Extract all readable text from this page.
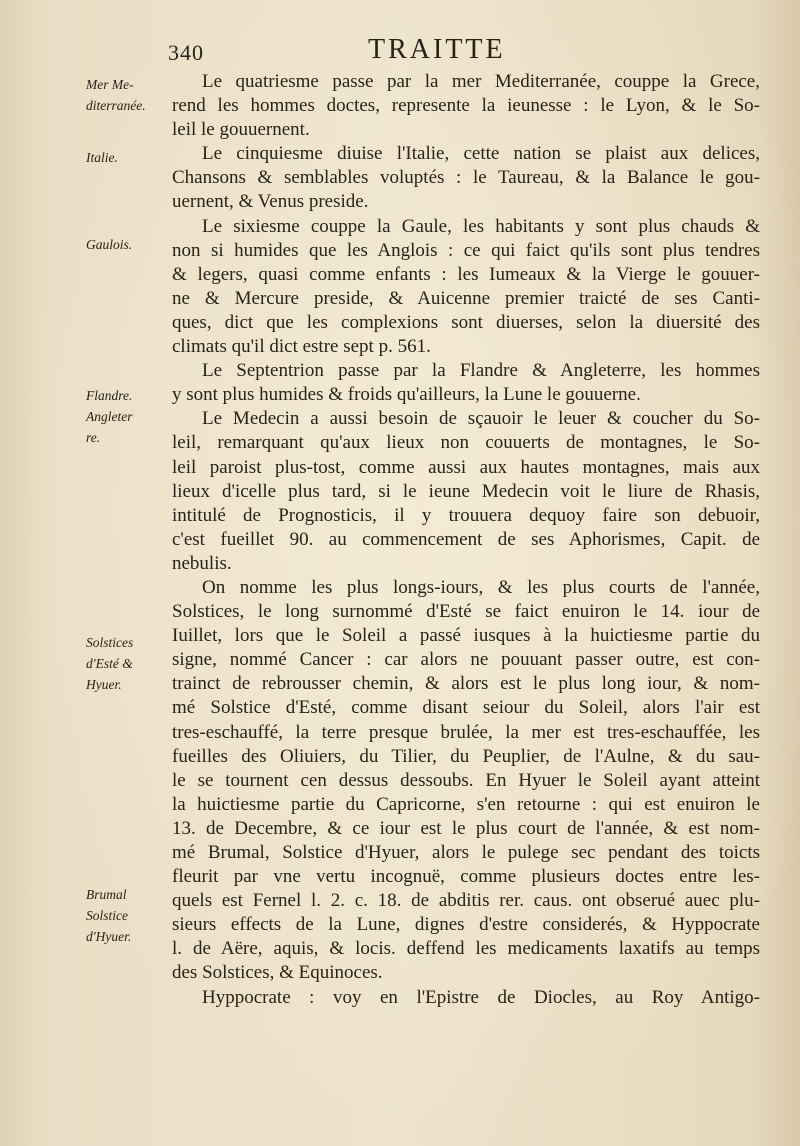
340	TRAITTE
Mer Me-
diterranée.
Italie.
Gaulois.
Flandre.
Angleter
re.
Solstices
d'Esté &
Hyuer.
Brumal
Solstice
d'Hyuer.
Le quatriesme passe par la mer Mediterranée, couppe la Grece,
rend les hommes doctes, represente la ieunesse : le Lyon, & le So-
leil le gouuernent.
Le cinquiesme diuise l'Italie, cette nation se plaist aux delices,
Chansons & semblables voluptés : le Taureau, & la Balance le gou-
uernent, & Venus preside.
Le sixiesme couppe la Gaule, les habitants y sont plus chauds &
non si humides que les Anglois : ce qui faict qu'ils sont plus tendres
& legers, quasi comme enfants : les Iumeaux & la Vierge le gouuer-
ne & Mercure preside, & Auicenne premier traicté de ses Canti-
ques, dict que les complexions sont diuerses, selon la diuersité des
climats qu'il dict estre sept p. 561.
Le Septentrion passe par la Flandre & Angleterre, les hommes
y sont plus humides & froids qu'ailleurs, la Lune le gouuerne.
Le Medecin a aussi besoin de sçauoir le leuer & coucher du So-
leil, remarquant qu'aux lieux non couuerts de montagnes, le So-
leil paroist plus-tost, comme aussi aux hautes montagnes, mais aux
lieux d'icelle plus tard, si le ieune Medecin voit le liure de Rhasis,
intitulé de Prognosticis, il y trouuera dequoy faire son debuoir,
c'est fueillet 90. au commencement de ses Aphorismes, Capit. de
nebulis.
On nomme les plus longs-iours, & les plus courts de l'année,
Solstices, le long surnommé d'Esté se faict enuiron le 14. iour de
Iuillet, lors que le Soleil a passé iusques à la huictiesme partie du
signe, nommé Cancer : car alors ne pouuant passer outre, est con-
trainct de rebrousser chemin, & alors est le plus long iour, & nom-
mé Solstice d'Esté, comme disant seiour du Soleil, alors l'air est
tres-eschauffé, la terre presque brulée, la mer est tres-eschauffée, les
fueilles des Oliuiers, du Tilier, du Peuplier, de l'Aulne, & du sau-
le se tournent cen dessus dessoubs. En Hyuer le Soleil ayant atteint
la huictiesme partie du Capricorne, s'en retourne : qui est enuiron le
13. de Decembre, & ce iour est le plus court de l'année, & est nom-
mé Brumal, Solstice d'Hyuer, alors le pulege sec pendant des toicts
fleurit par vne vertu incognuë, comme plusieurs doctes entre les-
quels est Fernel l. 2. c. 18. de abditis rer. caus. ont obserué auec plu-
sieurs effects de la Lune, dignes d'estre considerés, & Hyppocrate
l. de Aëre, aquis, & locis. deffend les medicaments laxatifs au temps
des Solstices, & Equinoces.
Hyppocrate : voy en l'Epistre de Diocles, au Roy Antigo-
